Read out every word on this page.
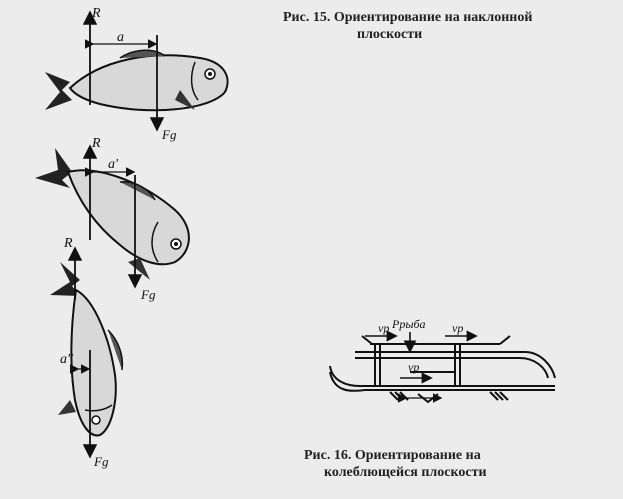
Рис. 15. Ориентирование на наклонной
плоскости
Рис. 16. Ориентирование на
колеблющейся плоскости
R
a
Fg
R
a'
Fg
R
a''
Fg
Pрыба
vp	vp
vp
